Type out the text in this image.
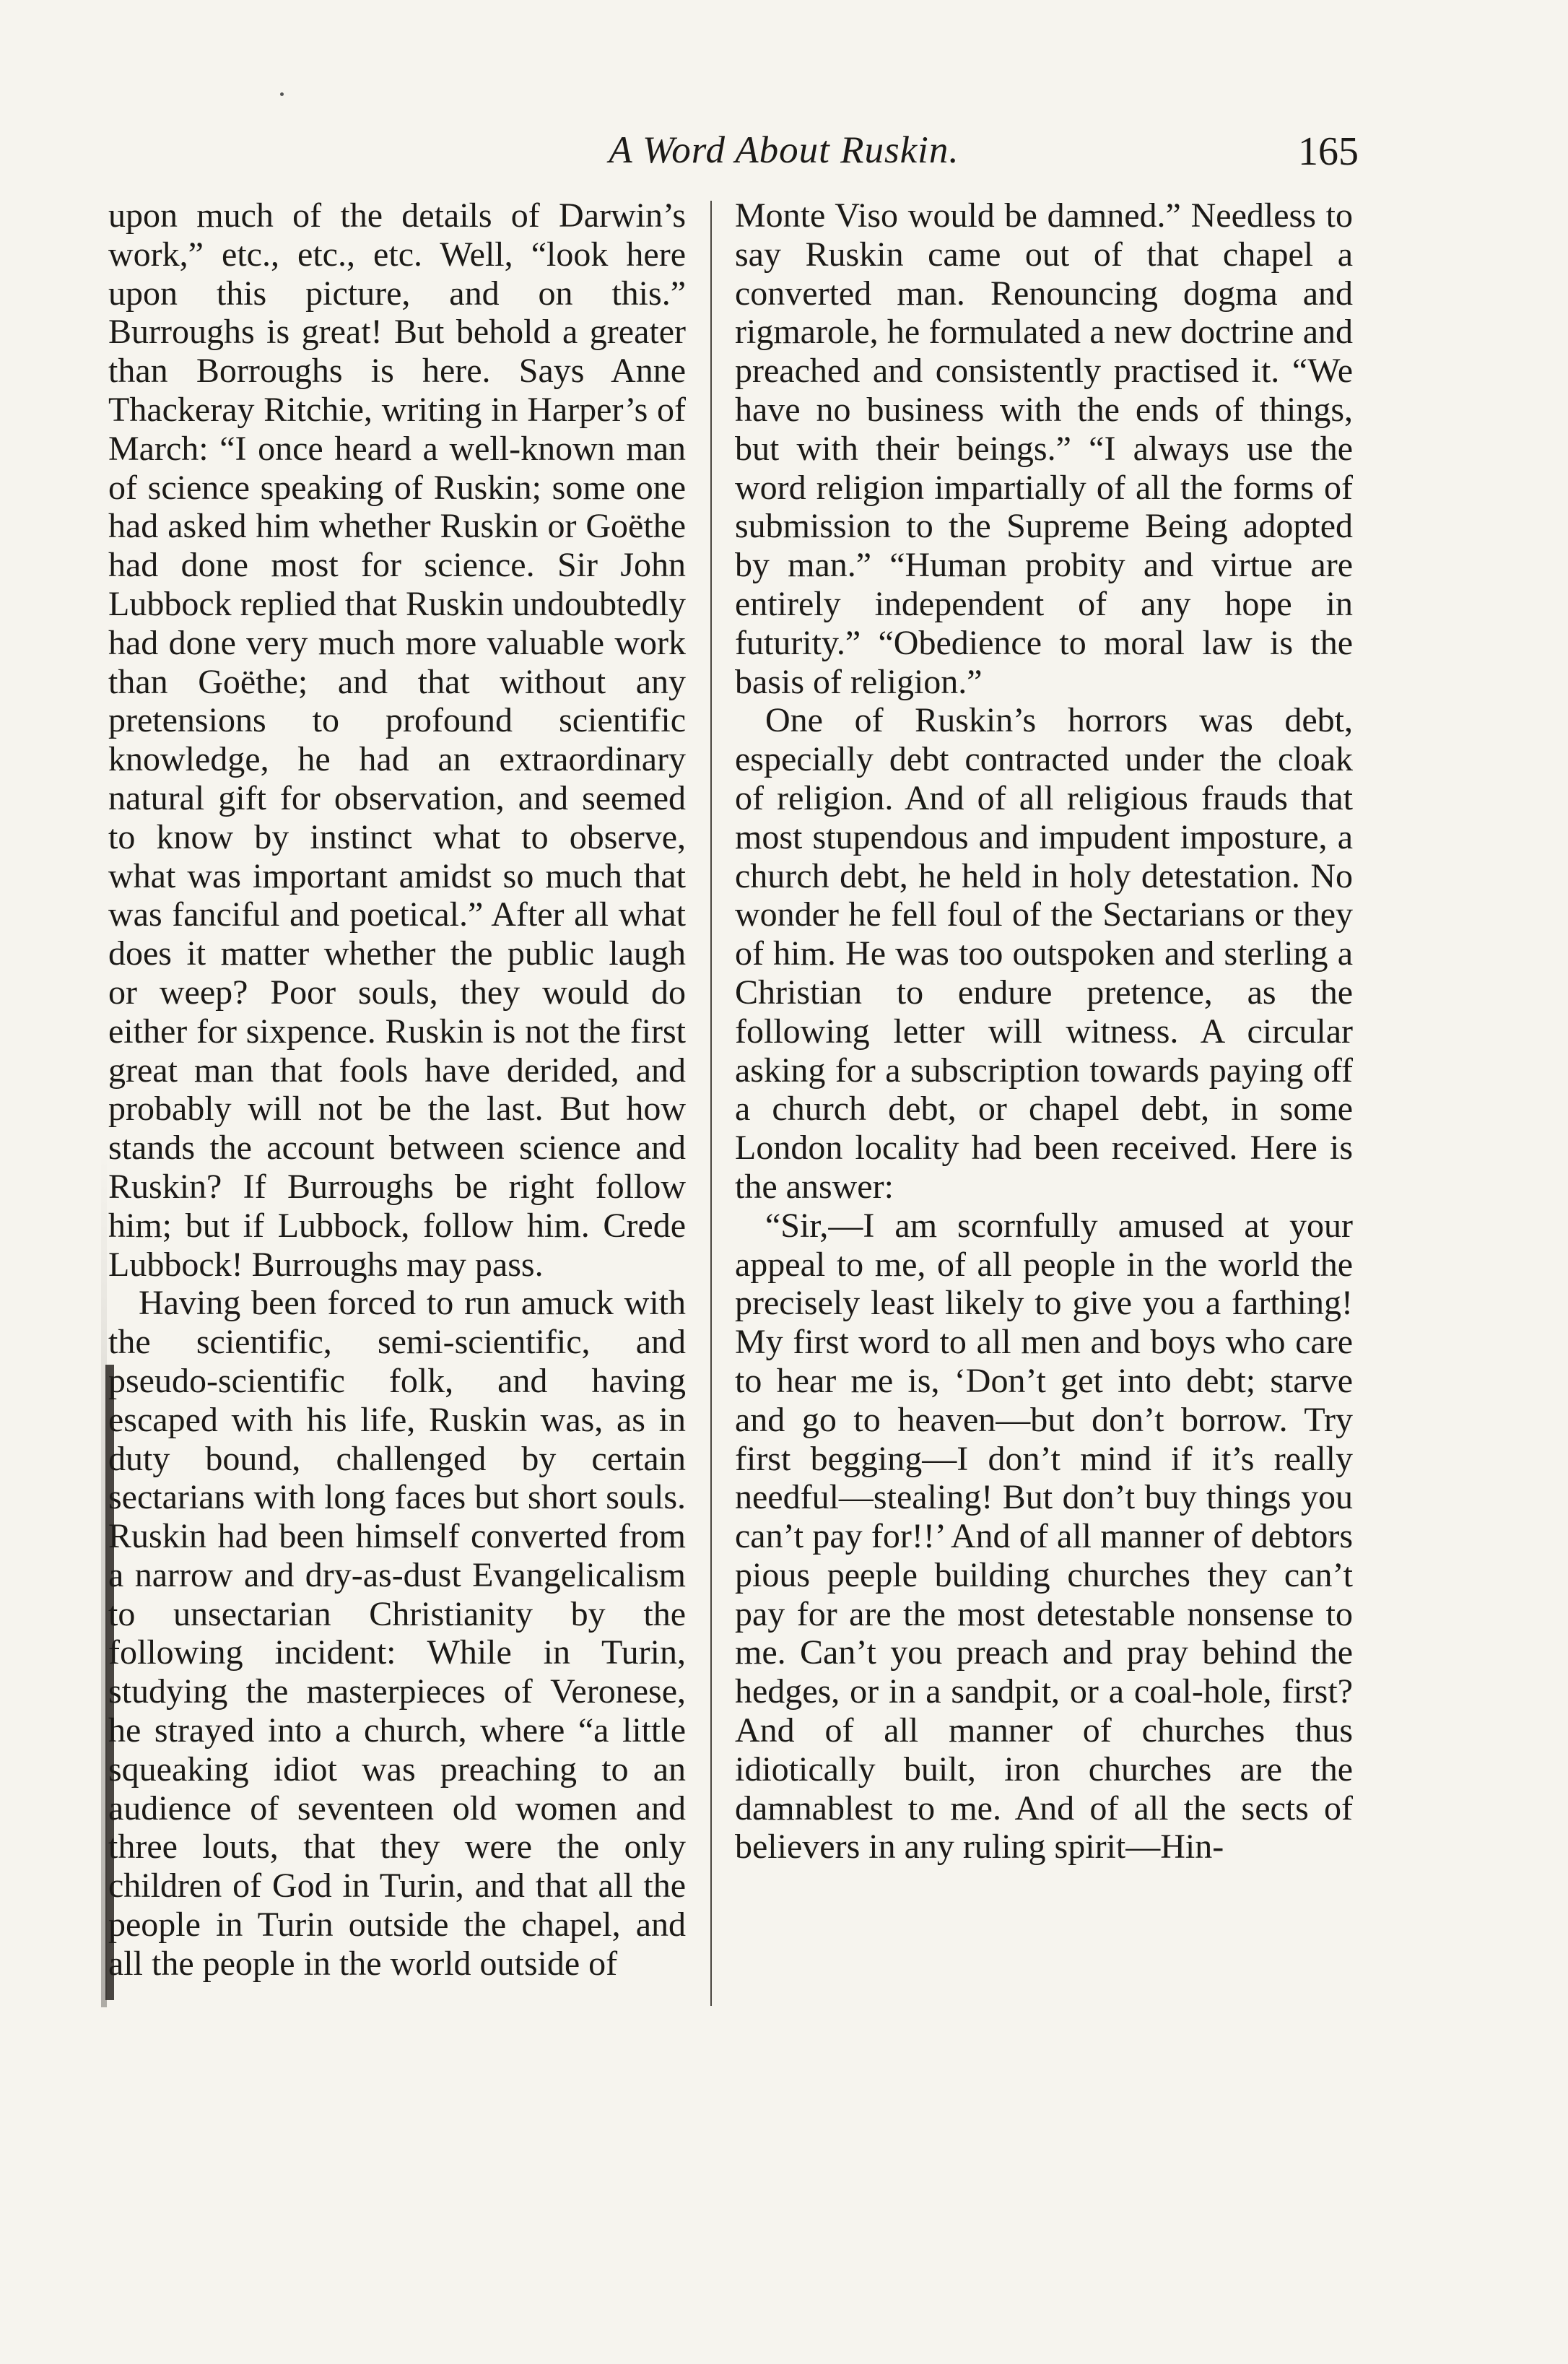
A Word About Ruskin.	165

upon much of the details of Darwin’s work,” etc., etc., etc. Well, “look here upon this picture, and on this.” Burroughs is great! But behold a greater than Borroughs is here. Says Anne Thackeray Ritchie, writing in Harper’s of March: “I once heard a well-known man of science speaking of Ruskin; some one had asked him whether Ruskin or Goëthe had done most for science. Sir John Lubbock replied that Ruskin undoubtedly had done very much more valuable work than Goëthe; and that without any pretensions to profound scientific knowledge, he had an extraordinary natural gift for observation, and seemed to know by instinct what to observe, what was important amidst so much that was fanciful and poetical.” After all what does it matter whether the public laugh or weep? Poor souls, they would do either for sixpence. Ruskin is not the first great man that fools have derided, and probably will not be the last. But how stands the account between science and Ruskin? If Burroughs be right follow him; but if Lubbock, follow him. Crede Lubbock! Burroughs may pass.

Having been forced to run amuck with the scientific, semi-scientific, and pseudo-scientific folk, and having escaped with his life, Ruskin was, as in duty bound, challenged by certain sectarians with long faces but short souls. Ruskin had been himself converted from a narrow and dry-as-dust Evangelicalism to unsectarian Christianity by the following incident: While in Turin, studying the masterpieces of Veronese, he strayed into a church, where “a little squeaking idiot was preaching to an audience of seventeen old women and three louts, that they were the only children of God in Turin, and that all the people in Turin outside the chapel, and all the people in the world outside of

Monte Viso would be damned.” Needless to say Ruskin came out of that chapel a converted man. Renouncing dogma and rigmarole, he formulated a new doctrine and preached and consistently practised it. “We have no business with the ends of things, but with their beings.” “I always use the word religion impartially of all the forms of submission to the Supreme Being adopted by man.” “Human probity and virtue are entirely independent of any hope in futurity.” “Obedience to moral law is the basis of religion.”

One of Ruskin’s horrors was debt, especially debt contracted under the cloak of religion. And of all religious frauds that most stupendous and impudent imposture, a church debt, he held in holy detestation. No wonder he fell foul of the Sectarians or they of him. He was too outspoken and sterling a Christian to endure pretence, as the following letter will witness. A circular asking for a subscription towards paying off a church debt, or chapel debt, in some London locality had been received. Here is the answer:

“Sir,—I am scornfully amused at your appeal to me, of all people in the world the precisely least likely to give you a farthing! My first word to all men and boys who care to hear me is, ‘Don’t get into debt; starve and go to heaven—but don’t borrow. Try first begging—I don’t mind if it’s really needful—stealing! But don’t buy things you can’t pay for!!’ And of all manner of debtors pious peeple building churches they can’t pay for are the most detestable nonsense to me. Can’t you preach and pray behind the hedges, or in a sandpit, or a coal-hole, first? And of all manner of churches thus idiotically built, iron churches are the damnablest to me. And of all the sects of believers in any ruling spirit—Hin-
